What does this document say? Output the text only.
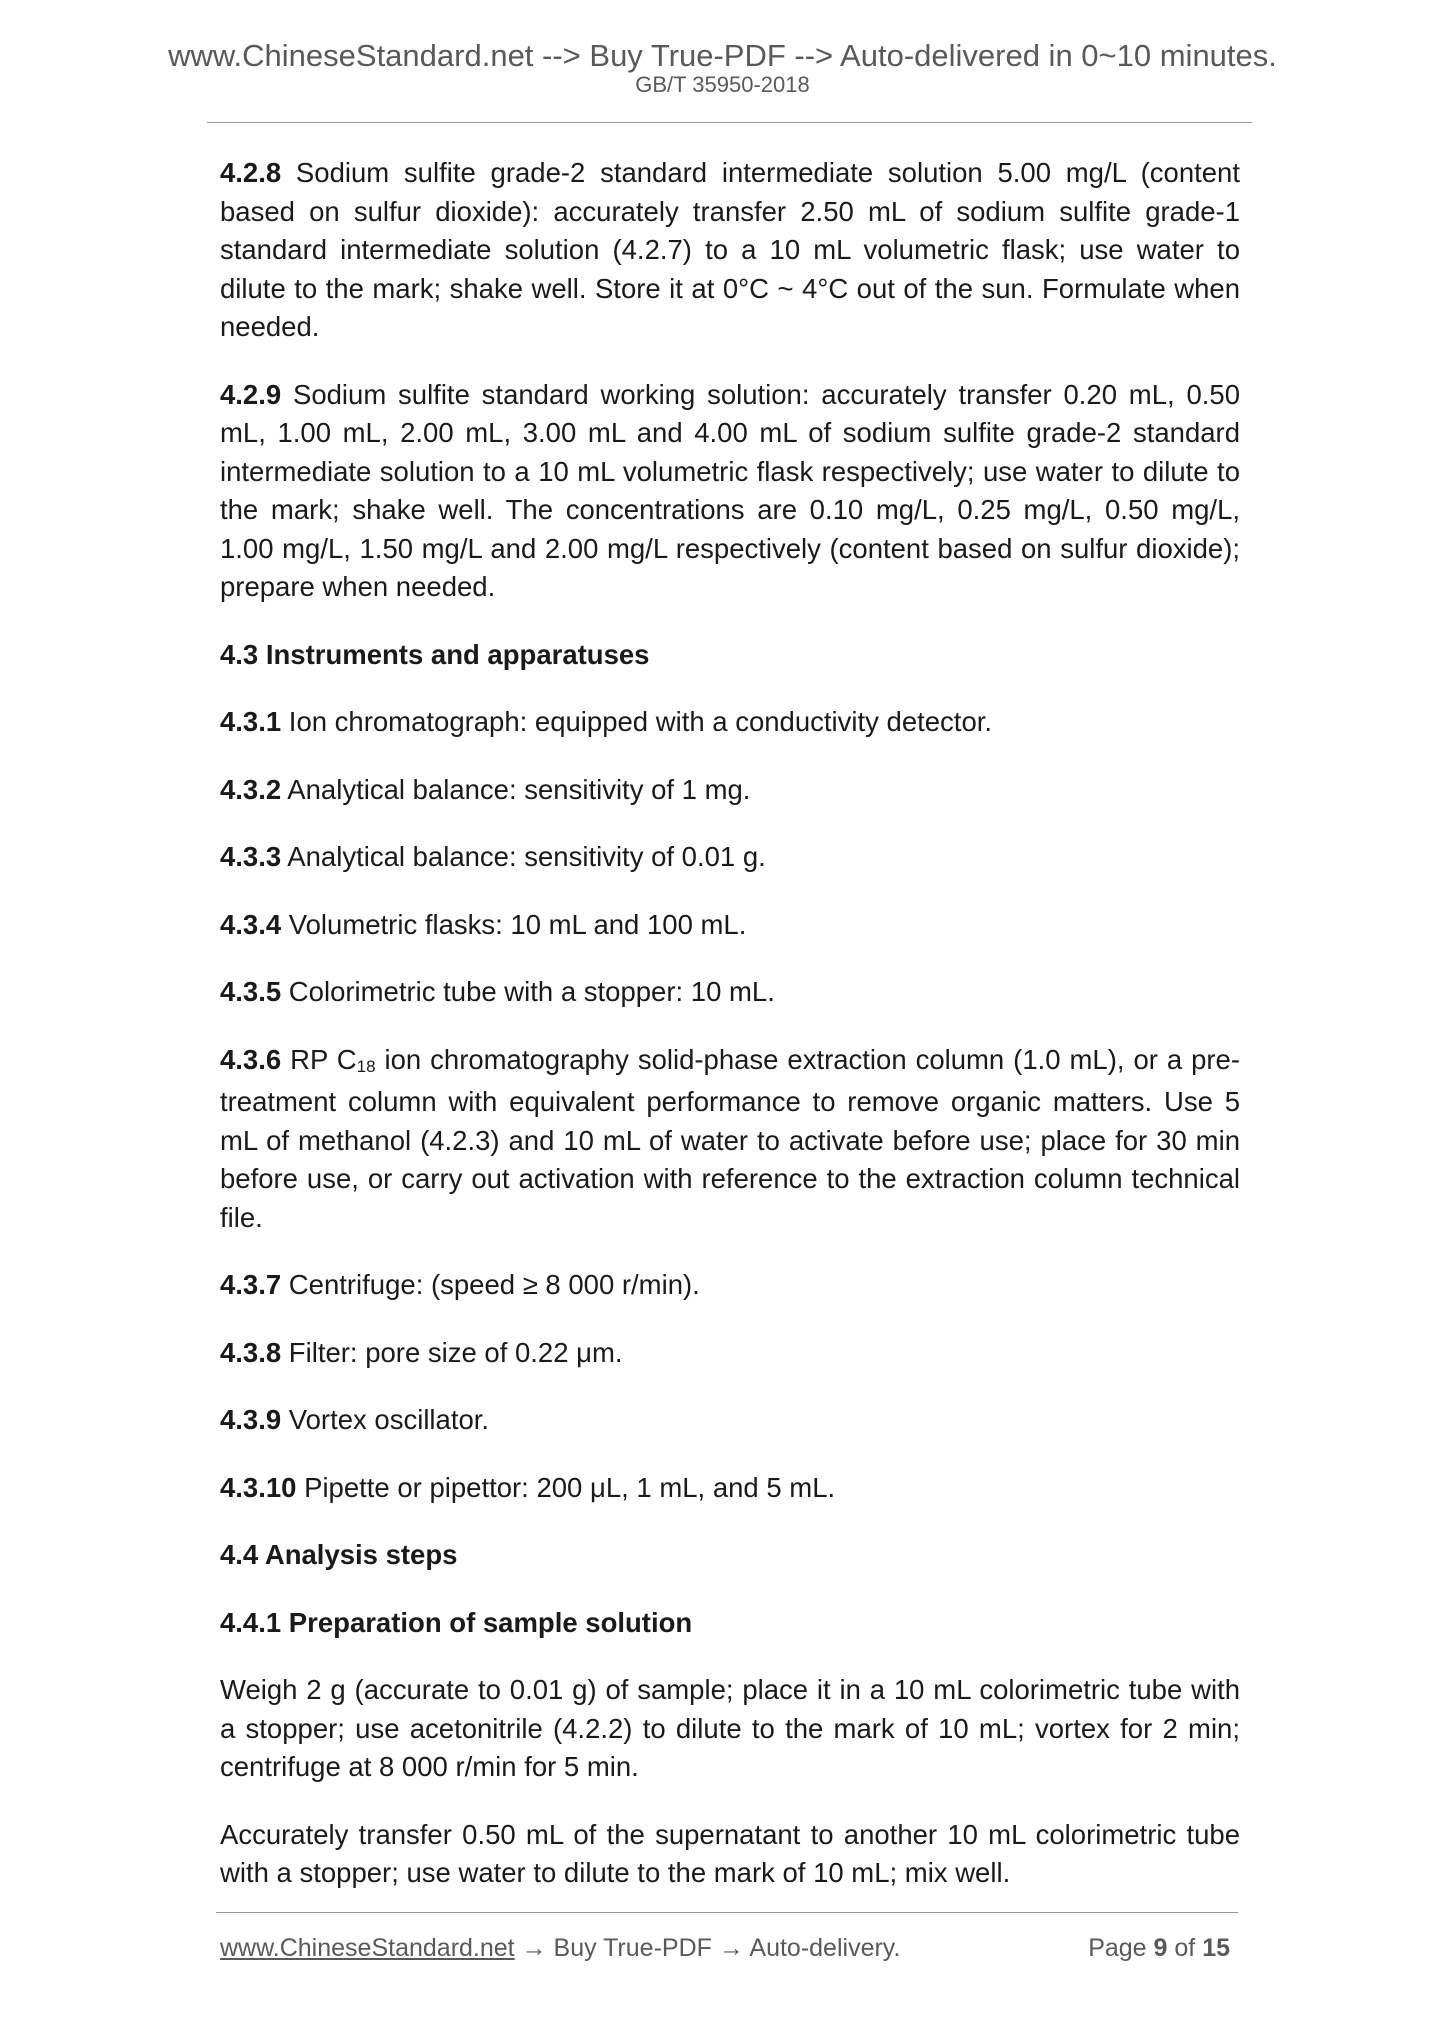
www.ChineseStandard.net --> Buy True-PDF --> Auto-delivered in 0~10 minutes.
GB/T 35950-2018

4.2.8 Sodium sulfite grade-2 standard intermediate solution 5.00 mg/L (content based on sulfur dioxide): accurately transfer 2.50 mL of sodium sulfite grade-1 standard intermediate solution (4.2.7) to a 10 mL volumetric flask; use water to dilute to the mark; shake well. Store it at 0°C ~ 4°C out of the sun. Formulate when needed.

4.2.9 Sodium sulfite standard working solution: accurately transfer 0.20 mL, 0.50 mL, 1.00 mL, 2.00 mL, 3.00 mL and 4.00 mL of sodium sulfite grade-2 standard intermediate solution to a 10 mL volumetric flask respectively; use water to dilute to the mark; shake well. The concentrations are 0.10 mg/L, 0.25 mg/L, 0.50 mg/L, 1.00 mg/L, 1.50 mg/L and 2.00 mg/L respectively (content based on sulfur dioxide); prepare when needed.

4.3 Instruments and apparatuses

4.3.1 Ion chromatograph: equipped with a conductivity detector.

4.3.2 Analytical balance: sensitivity of 1 mg.

4.3.3 Analytical balance: sensitivity of 0.01 g.

4.3.4 Volumetric flasks: 10 mL and 100 mL.

4.3.5 Colorimetric tube with a stopper: 10 mL.

4.3.6 RP $C_{18}$ ion chromatography solid-phase extraction column (1.0 mL), or a pre-treatment column with equivalent performance to remove organic matters. Use 5 mL of methanol (4.2.3) and 10 mL of water to activate before use; place for 30 min before use, or carry out activation with reference to the extraction column technical file.

4.3.7 Centrifuge: (speed ≥ 8 000 r/min).

4.3.8 Filter: pore size of 0.22 μm.

4.3.9 Vortex oscillator.

4.3.10 Pipette or pipettor: 200 μL, 1 mL, and 5 mL.

4.4 Analysis steps
4.4.1 Preparation of sample solution

Weigh 2 g (accurate to 0.01 g) of sample; place it in a 10 mL colorimetric tube with a stopper; use acetonitrile (4.2.2) to dilute to the mark of 10 mL; vortex for 2 min; centrifuge at 8 000 r/min for 5 min.

Accurately transfer 0.50 mL of the supernatant to another 10 mL colorimetric tube with a stopper; use water to dilute to the mark of 10 mL; mix well.

www.ChineseStandard.net → Buy True-PDF → Auto-delivery.	Page 9 of 15
